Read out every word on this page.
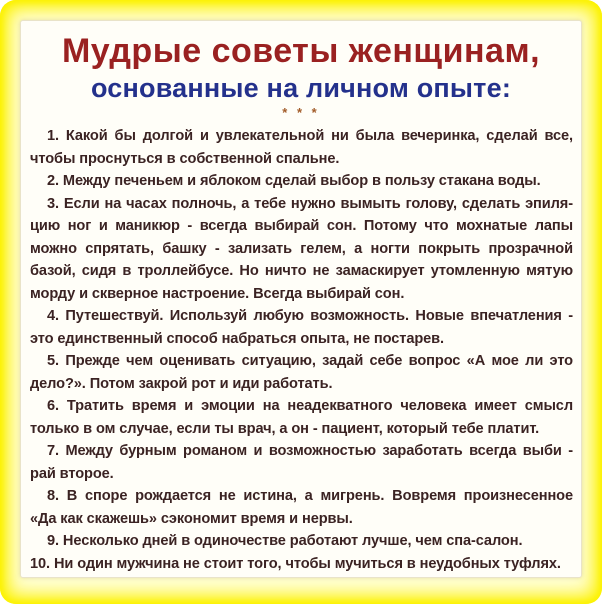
Мудрые советы женщинам,
основанные на личном опыте:
* * *

1. Какой бы долгой и увлекательной ни была вечеринка, сделай все,
чтобы проснуться в собственной спальне.

2. Между печеньем и яблоком сделай выбор в пользу стакана воды.

3. Если на часах полночь, а тебе нужно вымыть голову, сделать эпиля-
цию ног и маникюр - всегда выбирай сон. Потому что мохнатые лапы
можно спрятать, башку - зализать гелем, а ногти покрыть прозрачной
базой, сидя в троллейбусе. Но ничто не замаскирует утомленную мятую
морду и скверное настроение. Всегда выбирай сон.

4. Путешествуй. Используй любую возможность. Новые впечатления -
это единственный способ набраться опыта, не постарев.

5. Прежде чем оценивать ситуацию, задай себе вопрос «А мое ли это
дело?». Потом закрой рот и иди работать.

6. Тратить время и эмоции на неадекватного человека имеет смысл
только в ом случае, если ты врач, а он - пациент, который тебе платит.

7. Между бурным романом и возможностью заработать всегда выби -
рай второе.

8. В споре рождается не истина, а мигрень. Вовремя произнесенное
«Да как скажешь» сэкономит время и нервы.

9. Несколько дней в одиночестве работают лучше, чем спа-салон.

10. Ни один мужчина не стоит того, чтобы мучиться в неудобных туфлях.
